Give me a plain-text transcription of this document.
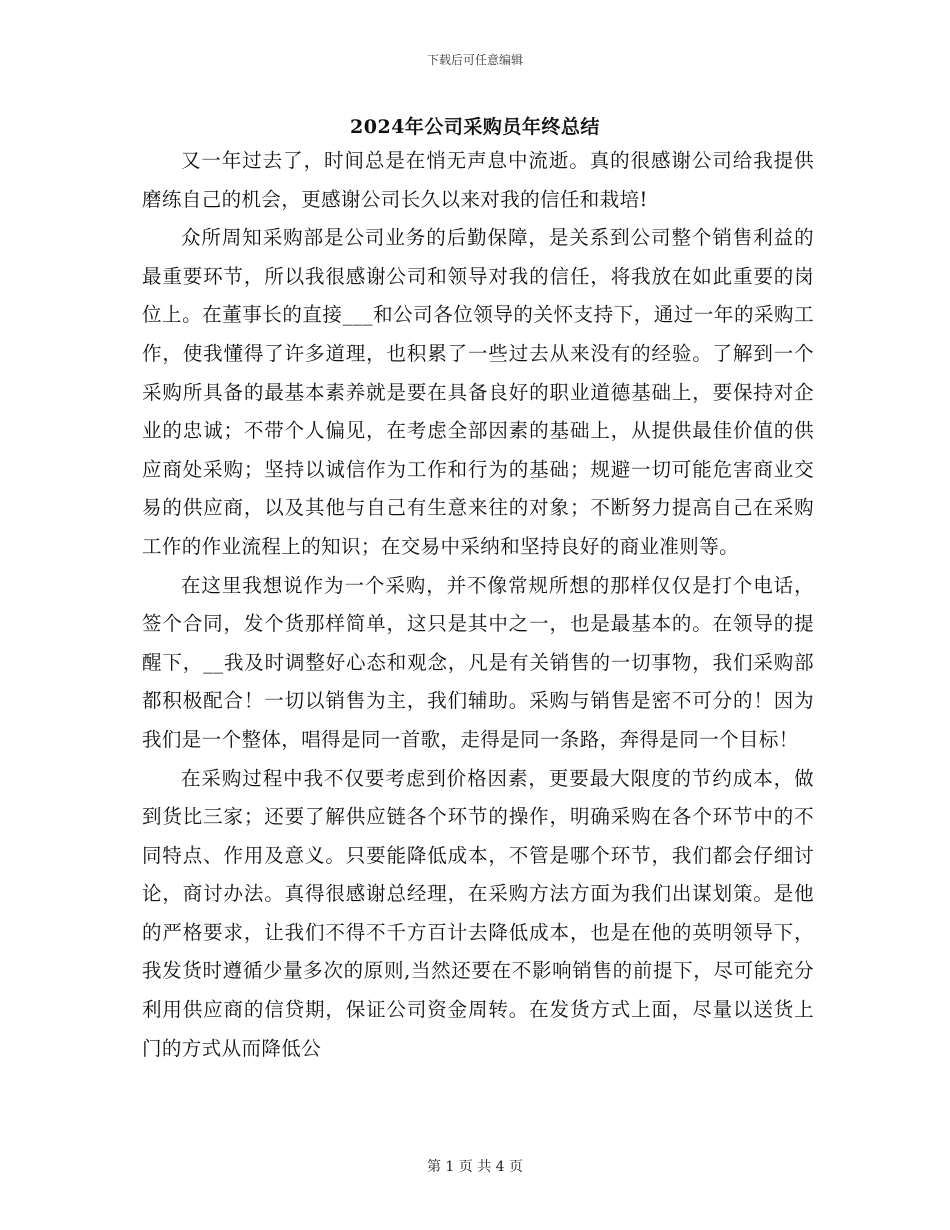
下载后可任意编辑
2024年公司采购员年终总结

又一年过去了，时间总是在悄无声息中流逝。真的很感谢公司给我提供磨练自己的机会，更感谢公司长久以来对我的信任和栽培!

众所周知采购部是公司业务的后勤保障，是关系到公司整个销售利益的最重要环节，所以我很感谢公司和领导对我的信任，将我放在如此重要的岗位上。在董事长的直接___和公司各位领导的关怀支持下，通过一年的采购工作，使我懂得了许多道理，也积累了一些过去从来没有的经验。了解到一个采购所具备的最基本素养就是要在具备良好的职业道德基础上，要保持对企业的忠诚；不带个人偏见，在考虑全部因素的基础上，从提供最佳价值的供应商处采购；坚持以诚信作为工作和行为的基础；规避一切可能危害商业交易的供应商，以及其他与自己有生意来往的对象；不断努力提高自己在采购工作的作业流程上的知识；在交易中采纳和坚持良好的商业准则等。

在这里我想说作为一个采购，并不像常规所想的那样仅仅是打个电话，签个合同，发个货那样简单，这只是其中之一，也是最基本的。在领导的提醒下，__我及时调整好心态和观念，凡是有关销售的一切事物，我们采购部都积极配合！一切以销售为主，我们辅助。采购与销售是密不可分的！因为我们是一个整体，唱得是同一首歌，走得是同一条路，奔得是同一个目标！

在采购过程中我不仅要考虑到价格因素，更要最大限度的节约成本，做到货比三家；还要了解供应链各个环节的操作，明确采购在各个环节中的不同特点、作用及意义。只要能降低成本，不管是哪个环节，我们都会仔细讨论，商讨办法。真得很感谢总经理，在采购方法方面为我们出谋划策。是他的严格要求，让我们不得不千方百计去降低成本，也是在他的英明领导下，我发货时遵循少量多次的原则,当然还要在不影响销售的前提下，尽可能充分利用供应商的信贷期，保证公司资金周转。在发货方式上面，尽量以送货上门的方式从而降低公

第 1 页 共 4 页
